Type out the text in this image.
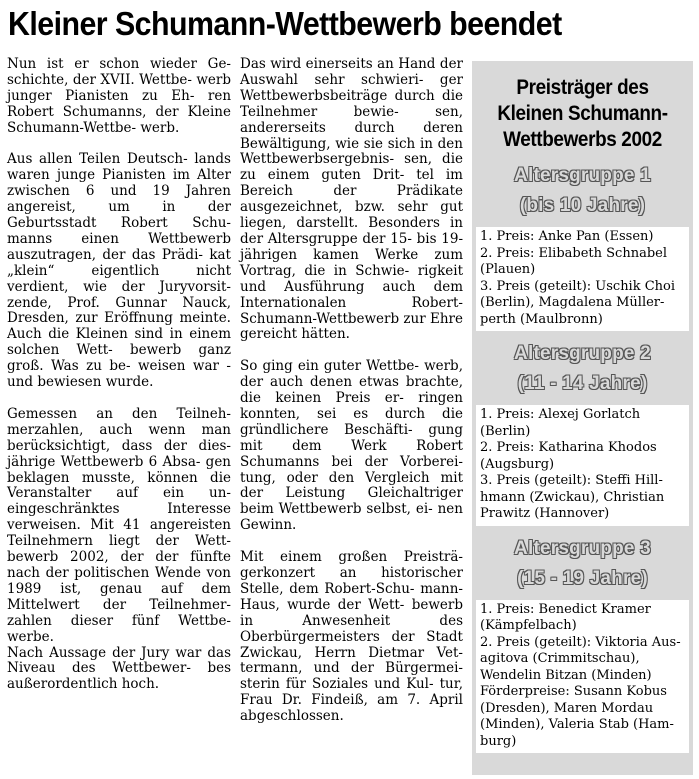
Kleiner Schumann-Wettbewerb beendet

Nun ist er schon wieder Ge- schichte, der XVII. Wettbe- werb junger Pianisten zu Eh- ren Robert Schumanns, der Kleine Schumann-Wettbe- werb.

Aus allen Teilen Deutsch- lands waren junge Pianisten im Alter zwischen 6 und 19 Jahren angereist, um in der Geburtsstadt Robert Schu- manns einen Wettbewerb auszutragen, der das Prädi- kat „klein“ eigentlich nicht verdient, wie der Juryvorsit- zende, Prof. Gunnar Nauck, Dresden, zur Eröffnung meinte. Auch die Kleinen sind in einem solchen Wett- bewerb ganz groß. Was zu be- weisen war - und bewiesen wurde.

Gemessen an den Teilneh- merzahlen, auch wenn man berücksichtigt, dass der dies- jährige Wettbewerb 6 Absa- gen beklagen musste, können die Veranstalter auf ein un- eingeschränktes Interesse verweisen. Mit 41 angereisten Teilnehmern liegt der Wett- bewerb 2002, der der fünfte nach der politischen Wende von 1989 ist, genau auf dem Mittelwert der Teilnehmer- zahlen dieser fünf Wettbe- werbe.

Nach Aussage der Jury war das Niveau des Wettbewer- bes außerordentlich hoch.

Das wird einerseits an Hand der Auswahl sehr schwieri- ger Wettbewerbsbeiträge durch die Teilnehmer bewie-	sen, andererseits durch deren Bewältigung, wie sie sich in den Wettbewerbsergebnis- sen, die zu einem guten Drit- tel im Bereich der Prädikate ausgezeichnet, bzw. sehr gut liegen, darstellt. Besonders in der Altersgruppe der 15- bis 19-jährigen kamen Werke zum Vortrag, die in Schwie- rigkeit und Ausführung auch dem Internationalen Robert- Schumann-Wettbewerb zur Ehre gereicht hätten.

So ging ein guter Wettbe- werb, der auch denen etwas brachte, die keinen Preis er- ringen konnten, sei es durch die gründlichere Beschäfti- gung mit dem Werk Robert Schumanns bei der Vorberei- tung, oder den Vergleich mit der Leistung Gleichaltriger beim Wettbewerb selbst, ei- nen Gewinn.

Mit einem großen Preisträ- gerkonzert an historischer Stelle, dem Robert-Schu- mann-Haus, wurde der Wett- bewerb in Anwesenheit des Oberbürgermeisters der Stadt Zwickau, Herrn Dietmar Vet- termann, und der Bürgermei- sterin für Soziales und Kul- tur, Frau Dr. Findeiß, am 7. April abgeschlossen.

Preisträger des
Kleinen Schumann-
Wettbewerbs 2002
Altersgruppe 1
(bis 10 Jahre)
1. Preis: Anke Pan (Essen)
2. Preis: Elibabeth Schnabel
(Plauen)
3. Preis (geteilt): Uschik Choi
(Berlin), Magdalena Müller-
perth (Maulbronn)
Altersgruppe 2
(11 - 14 Jahre)
1. Preis: Alexej Gorlatch
(Berlin)
2. Preis: Katharina Khodos
(Augsburg)
3. Preis (geteilt): Steffi Hill-
hmann (Zwickau), Christian
Prawitz (Hannover)
Altersgruppe 3
(15 - 19 Jahre)
1. Preis: Benedict Kramer
(Kämpfelbach)
2. Preis (geteilt): Viktoria Aus-
agitova (Crimmitschau),
Wendelin Bitzan (Minden)
Förderpreise: Susann Kobus
(Dresden), Maren Mordau
(Minden), Valeria Stab (Ham-
burg)
